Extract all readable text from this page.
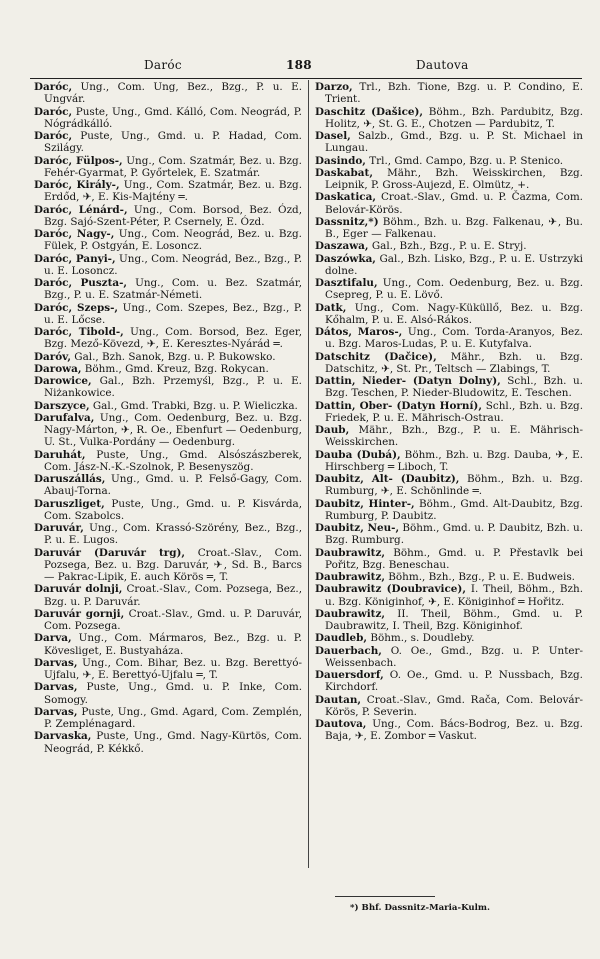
Daróc	188	Dautova

Daróc, Ung., Com. Ung, Bez., Bzg., P. u. E. Ungvár.

Daróc, Puste, Ung., Gmd. Kálló, Com. Neográd, P. Nógrádkálló.

Daróc, Puste, Ung., Gmd. u. P. Hadad, Com. Szilágy.

Daróc, Fülpos-, Ung., Com. Szatmár, Bez. u. Bzg. Fehér-Gyarmat, P. Győrtelek, E. Szatmár.

Daróc, Király-, Ung., Com. Szatmár, Bez. u. Bzg. Erdőd, ✈, E. Kis-Majtény ═.

Daróc, Lénárd-, Ung., Com. Borsod, Bez. Ózd, Bzg. Sajó-Szent-Péter, P. Csernely, E. Ózd.

Daróc, Nagy-, Ung., Com. Neográd, Bez. u. Bzg. Fülek, P. Ostgyán, E. Losoncz.

Daróc, Panyi-, Ung., Com. Neográd, Bez., Bzg., P. u. E. Losoncz.

Daróc, Puszta-, Ung., Com. u. Bez. Szatmár, Bzg., P. u. E. Szatmár-Németi.

Daróc, Szeps-, Ung., Com. Szepes, Bez., Bzg., P. u. E. Lőcse.

Daróc, Tibold-, Ung., Com. Borsod, Bez. Eger, Bzg. Mező-Kövezd, ✈, E. Keresztes-Nyárád ═.

Daróv, Gal., Bzh. Sanok, Bzg. u. P. Bukowsko.

Darowa, Böhm., Gmd. Kreuz, Bzg. Rokycan.

Darowice, Gal., Bzh. Przemyśl, Bzg., P. u. E. Niżankowice.

Darszyce, Gal., Gmd. Trabki, Bzg. u. P. Wieliczka.

Darufalva, Ung., Com. Oedenburg, Bez. u. Bzg. Nagy-Márton, ✈, R. Oe., Ebenfurt — Oedenburg, U. St., Vulka-Pordány — Oedenburg.

Daruhát, Puste, Ung., Gmd. Alsószászberek, Com. Jász-N.-K.-Szolnok, P. Besenyszög.

Daruszállás, Ung., Gmd. u. P. Felső-Gagy, Com. Abauj-Torna.

Daruszliget, Puste, Ung., Gmd. u. P. Kisvárda, Com. Szabolcs.

Daruvár, Ung., Com. Krassó-Szörény, Bez., Bzg., P. u. E. Lugos.

Daruvár (Daruvár trg), Croat.-Slav., Com. Pozsega, Bez. u. Bzg. Daruvár, ✈, Sd. B., Barcs — Pakrac-Lipik, E. auch Körös ═, T.

Daruvár dolnji, Croat.-Slav., Com. Pozsega, Bez., Bzg. u. P. Daruvár.

Daruvár gornji, Croat.-Slav., Gmd. u. P. Daruvár, Com. Pozsega.

Darva, Ung., Com. Mármaros, Bez., Bzg. u. P. Kövesliget, E. Bustyaháza.

Darvas, Ung., Com. Bihar, Bez. u. Bzg. Berettyó-Ujfalu, ✈, E. Berettyó-Ujfalu ═, T.

Darvas, Puste, Ung., Gmd. u. P. Inke, Com. Somogy.

Darvas, Puste, Ung., Gmd. Agard, Com. Zemplén, P. Zemplénagard.

Darvaska, Puste, Ung., Gmd. Nagy-Kürtös, Com. Neográd, P. Kékkő.

Darzo, Trl., Bzh. Tione, Bzg. u. P. Condino, E. Trient.

Daschitz (Dašice), Böhm., Bzh. Pardubitz, Bzg. Holitz, ✈, St. G. E., Chotzen — Pardubitz, T.

Dasel, Salzb., Gmd., Bzg. u. P. St. Michael in Lungau.

Dasindo, Trl., Gmd. Campo, Bzg. u. P. Stenico.

Daskabat, Mähr., Bzh. Weisskirchen, Bzg. Leipnik, P. Gross-Aujezd, E. Olmütz, +.

Daskatica, Croat.-Slav., Gmd. u. P. Čazma, Com. Belovár-Körös.

Dassnitz,*) Böhm., Bzh. u. Bzg. Falkenau, ✈, Bu. B., Eger — Falkenau.

Daszawa, Gal., Bzh., Bzg., P. u. E. Stryj.

Daszówka, Gal., Bzh. Lisko, Bzg., P. u. E. Ustrzyki dolne.

Dasztifalu, Ung., Com. Oedenburg, Bez. u. Bzg. Csepreg, P. u. E. Lövő.

Datk, Ung., Com. Nagy-Küküllő, Bez. u. Bzg. Kőhalm, P. u. E. Alsó-Rákos.

Dátos, Maros-, Ung., Com. Torda-Aranyos, Bez. u. Bzg. Maros-Ludas, P. u. E. Kutyfalva.

Datschitz (Dačice), Mähr., Bzh. u. Bzg. Datschitz, ✈, St. Pr., Teltsch — Zlabings, T.

Dattin, Nieder- (Datyn Dolny), Schl., Bzh. u. Bzg. Teschen, P. Nieder-Bludowitz, E. Teschen.

Dattin, Ober- (Datyn Horní), Schl., Bzh. u. Bzg. Friedek, P. u. E. Mährisch-Ostrau.

Daub, Mähr., Bzh., Bzg., P. u. E. Mährisch-Weisskirchen.

Dauba (Dubá), Böhm., Bzh. u. Bzg. Dauba, ✈, E. Hirschberg ═ Liboch, T.

Daubitz, Alt- (Daubitz), Böhm., Bzh. u. Bzg. Rumburg, ✈, E. Schönlinde ═.

Daubitz, Hinter-, Böhm., Gmd. Alt-Daubitz, Bzg. Rumburg, P. Daubitz.

Daubitz, Neu-, Böhm., Gmd. u. P. Daubitz, Bzh. u. Bzg. Rumburg.

Daubrawitz, Böhm., Gmd. u. P. Přestavlk bei Pořitz, Bzg. Beneschau.

Daubrawitz, Böhm., Bzh., Bzg., P. u. E. Budweis.

Daubrawitz (Doubravice), I. Theil, Böhm., Bzh. u. Bzg. Königinhof, ✈, E. Königinhof ═ Hořitz.

Daubrawitz, II. Theil, Böhm., Gmd. u. P. Daubrawitz, I. Theil, Bzg. Königinhof.

Daudleb, Böhm., s. Doudleby.

Dauerbach, O. Oe., Gmd., Bzg. u. P. Unter-Weissenbach.

Dauersdorf, O. Oe., Gmd. u. P. Nussbach, Bzg. Kirchdorf.

Dautan, Croat.-Slav., Gmd. Rača, Com. Belovár-Körös, P. Severin.

Dautova, Ung., Com. Bács-Bodrog, Bez. u. Bzg. Baja, ✈, E. Zombor ═ Vaskut.

*) Bhf. Dassnitz-Maria-Kulm.
